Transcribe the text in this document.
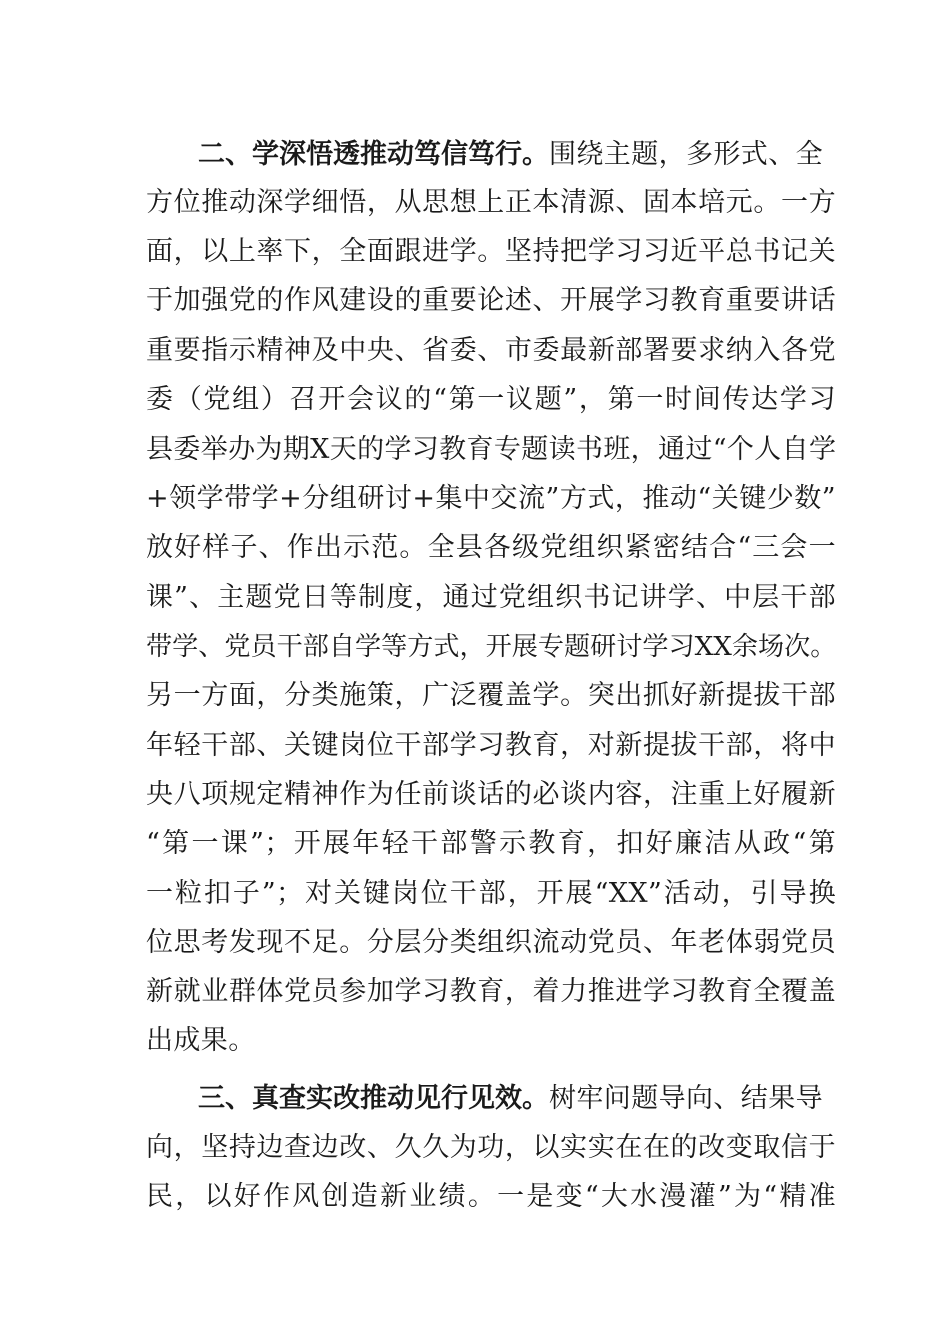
二、学深悟透推动笃信笃行。围绕主题，多形式、全
方位推动深学细悟，从思想上正本清源、固本培元。一方
面，以上率下，全面跟进学。坚持把学习习近平总书记关
于加强党的作风建设的重要论述、开展学习教育重要讲话
重要指示精神及中央、省委、市委最新部署要求纳入各党
委（党组）召开会议的“第一议题”，第一时间传达学习
县委举办为期X天的学习教育专题读书班，通过“个人自学
+领学带学+分组研讨+集中交流”方式，推动“关键少数”
放好样子、作出示范。全县各级党组织紧密结合“三会一
课”、主题党日等制度，通过党组织书记讲学、中层干部
带学、党员干部自学等方式，开展专题研讨学习XX余场次。
另一方面，分类施策，广泛覆盖学。突出抓好新提拔干部
年轻干部、关键岗位干部学习教育，对新提拔干部，将中
央八项规定精神作为任前谈话的必谈内容，注重上好履新
“第一课”；开展年轻干部警示教育，扣好廉洁从政“第
一粒扣子”；对关键岗位干部，开展“XX”活动，引导换
位思考发现不足。分层分类组织流动党员、年老体弱党员
新就业群体党员参加学习教育，着力推进学习教育全覆盖
出成果。
三、真查实改推动见行见效。树牢问题导向、结果导
向，坚持边查边改、久久为功，以实实在在的改变取信于
民，以好作风创造新业绩。一是变“大水漫灌”为“精准
